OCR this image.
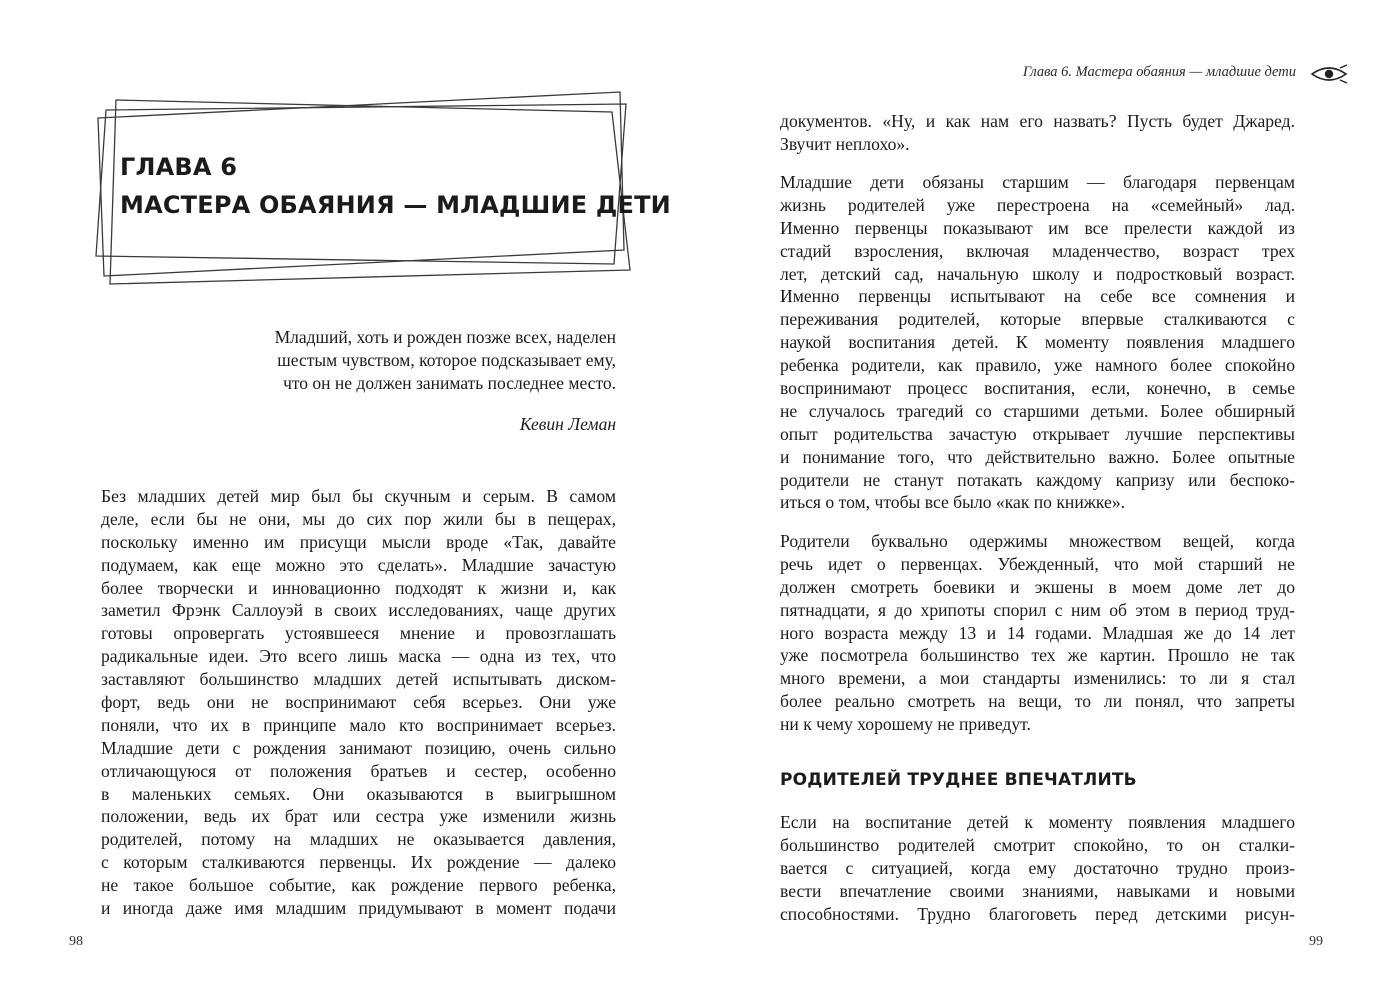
ГЛАВА 6
МАСТЕРА ОБАЯНИЯ — МЛАДШИЕ ДЕТИ
Младший, хоть и рожден позже всех, наделен
шестым чувством, которое подсказывает ему,
что он не должен занимать последнее место.
Кевин Леман
Без младших детей мир был бы скучным и серым. В самом
деле, если бы не они, мы до сих пор жили бы в пещерах,
поскольку именно им присущи мысли вроде «Так, давайте
подумаем, как еще можно это сделать». Младшие зачастую
более творчески и инновационно подходят к жизни и, как
заметил Фрэнк Саллоуэй в своих исследованиях, чаще других
готовы опровергать устоявшееся мнение и провозглашать
радикальные идеи. Это всего лишь маска — одна из тех, что
заставляют большинство младших детей испытывать диском-
форт, ведь они не воспринимают себя всерьез. Они уже
поняли, что их в принципе мало кто воспринимает всерьез.
Младшие дети с рождения занимают позицию, очень сильно
отличающуюся от положения братьев и сестер, особенно
в маленьких семьях. Они оказываются в выигрышном
положении, ведь их брат или сестра уже изменили жизнь
родителей, потому на младших не оказывается давления,
с которым сталкиваются первенцы. Их рождение — далеко
не такое большое событие, как рождение первого ребенка,
и иногда даже имя младшим придумывают в момент подачи
98
Глава 6. Мастера обаяния — младшие дети
документов. «Ну, и как нам его назвать? Пусть будет Джаред.
Звучит неплохо».
Младшие дети обязаны старшим — благодаря первенцам
жизнь родителей уже перестроена на «семейный» лад.
Именно первенцы показывают им все прелести каждой из
стадий взросления, включая младенчество, возраст трех
лет, детский сад, начальную школу и подростковый возраст.
Именно первенцы испытывают на себе все сомнения и
переживания родителей, которые впервые сталкиваются с
наукой воспитания детей. К моменту появления младшего
ребенка родители, как правило, уже намного более спокойно
воспринимают процесс воспитания, если, конечно, в семье
не случалось трагедий со старшими детьми. Более обширный
опыт родительства зачастую открывает лучшие перспективы
и понимание того, что действительно важно. Более опытные
родители не станут потакать каждому капризу или беспоко-
иться о том, чтобы все было «как по книжке».
Родители буквально одержимы множеством вещей, когда
речь идет о первенцах. Убежденный, что мой старший не
должен смотреть боевики и экшены в моем доме лет до
пятнадцати, я до хрипоты спорил с ним об этом в период труд-
ного возраста между 13 и 14 годами. Младшая же до 14 лет
уже посмотрела большинство тех же картин. Прошло не так
много времени, а мои стандарты изменились: то ли я стал
более реально смотреть на вещи, то ли понял, что запреты
ни к чему хорошему не приведут.
РОДИТЕЛЕЙ ТРУДНЕЕ ВПЕЧАТЛИТЬ
Если на воспитание детей к моменту появления младшего
большинство родителей смотрит спокойно, то он сталки-
вается с ситуацией, когда ему достаточно трудно произ-
вести впечатление своими знаниями, навыками и новыми
способностями. Трудно благоговеть перед детскими рисун-
99
